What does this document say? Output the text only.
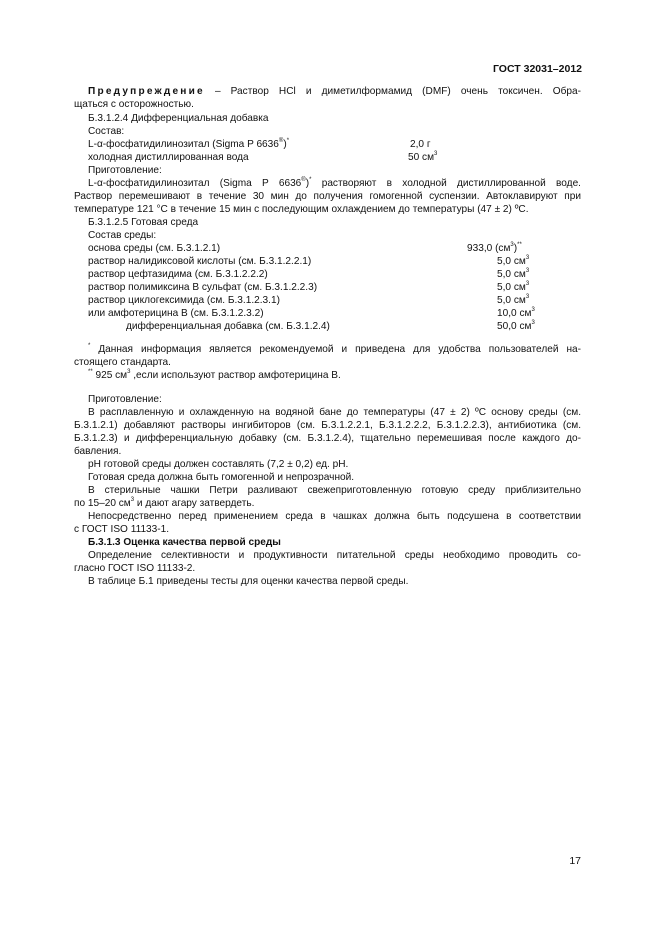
ГОСТ 32031–2012
Предупреждение – Раствор HCl и диметилформамид (DMF) очень токсичен. Обра-
щаться с осторожностью.
Б.3.1.2.4 Дифференциальная добавка
Состав:
L-α-фосфатидилинозитал (Sigma P 6636®)*	2,0 г
холодная дистиллированная вода	50 $см^3$
Приготовление:
L-α-фосфатидилинозитал (Sigma P 6636®)* растворяют в холодной дистиллированной воде.
Раствор перемешивают в течение 30 мин до получения гомогенной суспензии. Автоклавируют при
температуре 121 °С в течение 15 мин с последующим охлаждением до температуры (47 ± 2) ºС.
Б.3.1.2.5 Готовая среда
Состав среды:
основа среды (см. Б.3.1.2.1)	933,0 $(см^3)^{**}$
раствор налидиксовой кислоты (см. Б.3.1.2.2.1)	5,0 $см^3$
раствор цефтазидима (см. Б.3.1.2.2.2)	5,0 $см^3$
раствор полимиксина В сульфат (см. Б.3.1.2.2.3)	5,0 $см^3$
раствор циклогексимида (см. Б.3.1.2.3.1)	5,0 $см^3$
или амфотерицина В (см. Б.3.1.2.3.2)	10,0 $см^3$
дифференциальная добавка (см. Б.3.1.2.4)	50,0 $см^3$
* Данная информация является рекомендуемой и приведена для удобства пользователей на-
стоящего стандарта.
** 925 $см^3$ ,если используют раствор амфотерицина В.
Приготовление:
В расплавленную и охлажденную на водяной бане до температуры (47 ± 2) ºС основу среды (см.
Б.3.1.2.1) добавляют растворы ингибиторов (см. Б.3.1.2.2.1, Б.3.1.2.2.2, Б.3.1.2.2.3), антибиотика (см.
Б.3.1.2.3) и дифференциальную добавку (см. Б.3.1.2.4), тщательно перемешивая после каждого до-
бавления.
рН готовой среды должен составлять (7,2 ± 0,2) ед. рН.
Готовая среда должна быть гомогенной и непрозрачной.
В стерильные чашки Петри разливают свежеприготовленную готовую среду приблизительно
по 15–20 $см^3$ и дают агару затвердеть.
Непосредственно перед применением среда в чашках должна быть подсушена в соответствии
с ГОСТ ISO 11133-1.
Б.3.1.3 Оценка качества первой среды
Определение селективности и продуктивности питательной среды необходимо проводить со-
гласно ГОСТ ISO 11133-2.
В таблице Б.1 приведены тесты для оценки качества первой среды.
17
